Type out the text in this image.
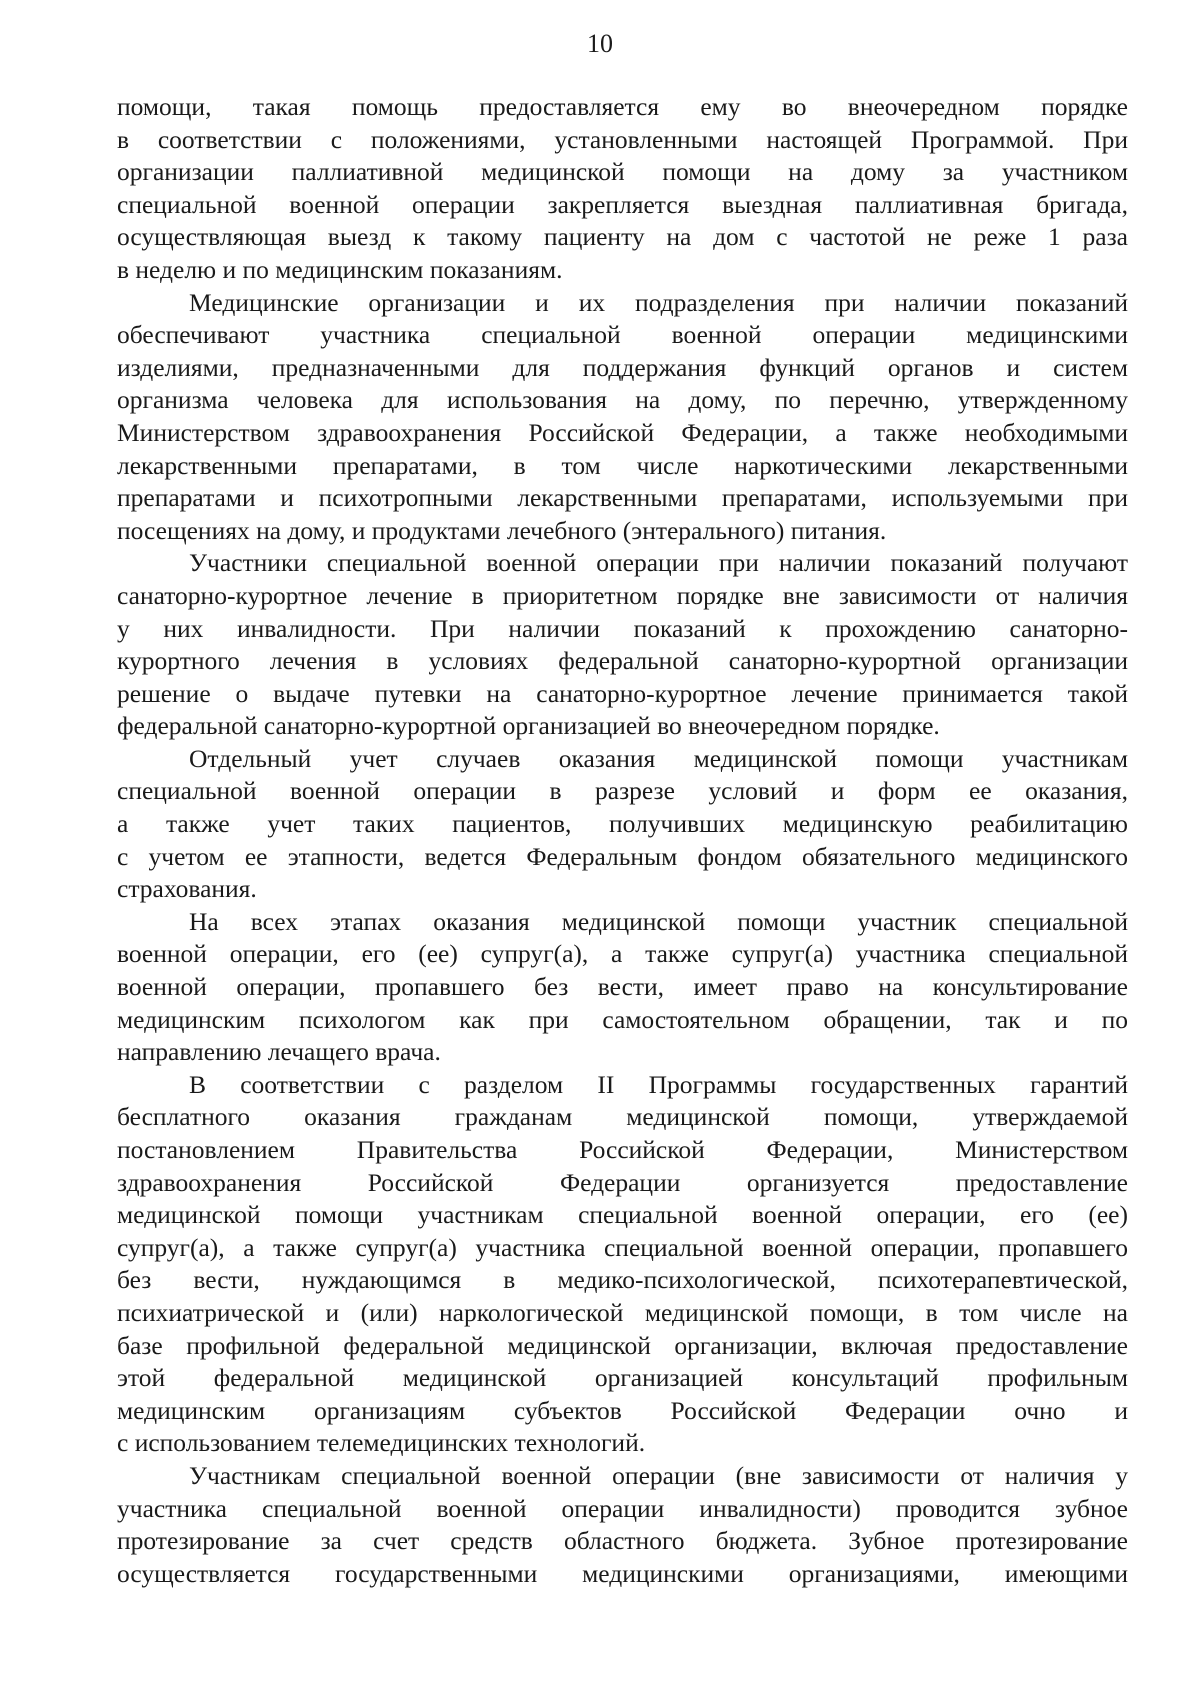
10
помощи, такая помощь предоставляется ему во внеочередном порядке
в соответствии с положениями, установленными настоящей Программой. При
организации паллиативной медицинской помощи на дому за участником
специальной военной операции закрепляется выездная паллиативная бригада,
осуществляющая выезд к такому пациенту на дом с частотой не реже 1 раза
в неделю и по медицинским показаниям.
Медицинские организации и их подразделения при наличии показаний
обеспечивают участника специальной военной операции медицинскими
изделиями, предназначенными для поддержания функций органов и систем
организма человека для использования на дому, по перечню, утвержденному
Министерством здравоохранения Российской Федерации, а также необходимыми
лекарственными препаратами, в том числе наркотическими лекарственными
препаратами и психотропными лекарственными препаратами, используемыми при
посещениях на дому, и продуктами лечебного (энтерального) питания.
Участники специальной военной операции при наличии показаний получают
санаторно-курортное лечение в приоритетном порядке вне зависимости от наличия
у них инвалидности. При наличии показаний к прохождению санаторно-
курортного лечения в условиях федеральной санаторно-курортной организации
решение о выдаче путевки на санаторно-курортное лечение принимается такой
федеральной санаторно-курортной организацией во внеочередном порядке.
Отдельный учет случаев оказания медицинской помощи участникам
специальной военной операции в разрезе условий и форм ее оказания,
а также учет таких пациентов, получивших медицинскую реабилитацию
с учетом ее этапности, ведется Федеральным фондом обязательного медицинского
страхования.
На всех этапах оказания медицинской помощи участник специальной
военной операции, его (ее) супруг(а), а также супруг(а) участника специальной
военной операции, пропавшего без вести, имеет право на консультирование
медицинским психологом как при самостоятельном обращении, так и по
направлению лечащего врача.
В соответствии с разделом II Программы государственных гарантий
бесплатного оказания гражданам медицинской помощи, утверждаемой
постановлением Правительства Российской Федерации, Министерством
здравоохранения Российской Федерации организуется предоставление
медицинской помощи участникам специальной военной операции, его (ее)
супруг(а), а также супруг(а) участника специальной военной операции, пропавшего
без вести, нуждающимся в медико-психологической, психотерапевтической,
психиатрической и (или) наркологической медицинской помощи, в том числе на
базе профильной федеральной медицинской организации, включая предоставление
этой федеральной медицинской организацией консультаций профильным
медицинским организациям субъектов Российской Федерации очно и
с использованием телемедицинских технологий.
Участникам специальной военной операции (вне зависимости от наличия у
участника специальной военной операции инвалидности) проводится зубное
протезирование за счет средств областного бюджета. Зубное протезирование
осуществляется государственными медицинскими организациями, имеющими
